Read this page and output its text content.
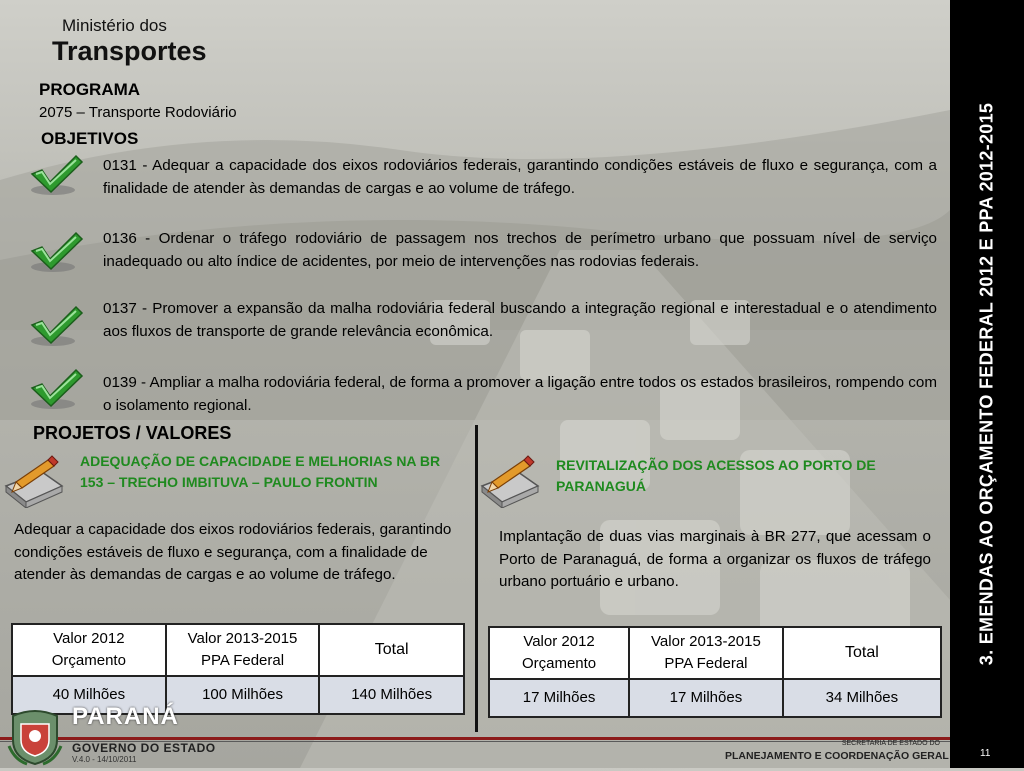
3. EMENDAS AO ORÇAMENTO FEDERAL 2012 E PPA 2012-2015
Ministério dos
Transportes
PROGRAMA
2075 – Transporte Rodoviário
OBJETIVOS
0131 - Adequar a capacidade dos eixos rodoviários federais, garantindo condições estáveis de fluxo e segurança, com a finalidade de atender às demandas de cargas e ao volume de tráfego.
0136 - Ordenar o tráfego rodoviário de passagem nos trechos de perímetro urbano que possuam nível de serviço inadequado ou alto índice de acidentes, por meio de intervenções nas rodovias federais.
0137 - Promover a expansão da malha rodoviária federal buscando a integração regional e interestadual e o atendimento aos fluxos de transporte de grande relevância econômica.
0139 - Ampliar a malha rodoviária federal, de forma a promover a ligação entre todos os estados brasileiros, rompendo com o isolamento regional.
PROJETOS / VALORES
ADEQUAÇÃO DE CAPACIDADE E MELHORIAS NA BR 153 – TRECHO IMBITUVA – PAULO FRONTIN
Adequar a capacidade dos eixos rodoviários federais, garantindo condições estáveis de fluxo e segurança, com a finalidade de atender às demandas de cargas e ao volume de tráfego.
Valor 2012 Orçamento	Valor 2013-2015 PPA Federal	Total
40 Milhões	100 Milhões	140 Milhões
REVITALIZAÇÃO DOS ACESSOS AO PORTO DE PARANAGUÁ
Implantação de duas vias marginais à BR 277, que acessam o Porto de Paranaguá, de forma a organizar os fluxos de tráfego urbano portuário e urbano.
Valor 2012 Orçamento	Valor 2013-2015 PPA Federal	Total
17 Milhões	17 Milhões	34 Milhões
PARANÁ
GOVERNO DO ESTADO
V.4.0 - 14/10/2011
SECRETARIA DE ESTADO DO
PLANEJAMENTO E COORDENAÇÃO GERAL	11
